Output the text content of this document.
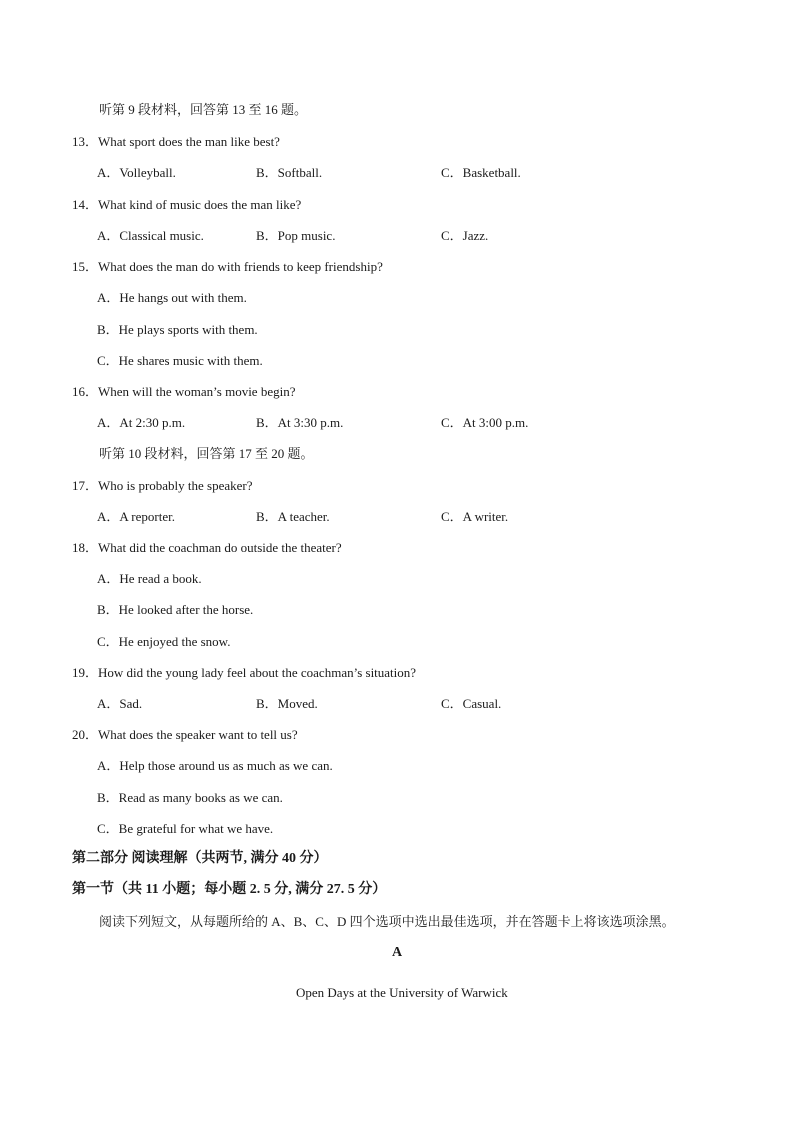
听第 9 段材料，回答第 13 至 16 题。
13．What sport does the man like best?
A．Volleyball.	B．Softball.	C．Basketball.
14．What kind of music does the man like?
A．Classical music.	B．Pop music.	C．Jazz.
15．What does the man do with friends to keep friendship?
A．He hangs out with them.
B．He plays sports with them.
C．He shares music with them.
16．When will the woman’s movie begin?
A．At 2:30 p.m.	B．At 3:30 p.m.	C．At 3:00 p.m.
听第 10 段材料，回答第 17 至 20 题。
17．Who is probably the speaker?
A．A reporter.	B．A teacher.	C．A writer.
18．What did the coachman do outside the theater?
A．He read a book.
B．He looked after the horse.
C．He enjoyed the snow.
19．How did the young lady feel about the coachman’s situation?
A．Sad.	B．Moved.	C．Casual.
20．What does the speaker want to tell us?
A．Help those around us as much as we can.
B．Read as many books as we can.
C．Be grateful for what we have.
第二部分 阅读理解（共两节, 满分 40 分）
第一节（共 11 小题；每小题 2. 5 分, 满分 27. 5 分）
阅读下列短文，从每题所给的 A、B、C、D 四个选项中选出最佳选项，并在答题卡上将该选项涂黑。
A
Open Days at the University of Warwick
